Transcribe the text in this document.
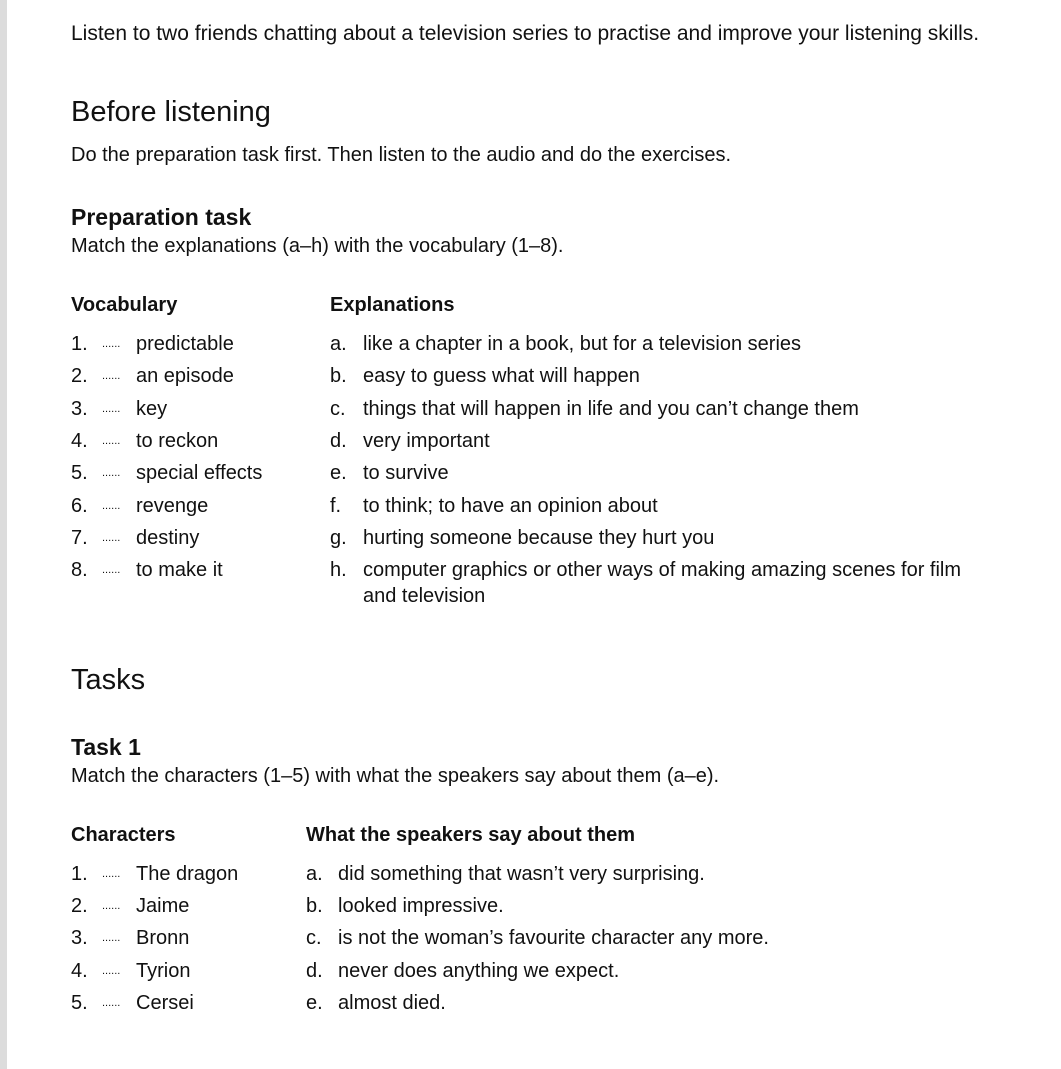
Listen to two friends chatting about a television series to practise and improve your listening skills.
Before listening
Do the preparation task first. Then listen to the audio and do the exercises.
Preparation task
Match the explanations (a–h) with the vocabulary (1–8).
Vocabulary	Explanations
1.	...... predictable	a. like a chapter in a book, but for a television series
2.	...... an episode	b. easy to guess what will happen
3.	...... key	c. things that will happen in life and you can’t change them
4.	...... to reckon	d. very important
5.	...... special effects	e. to survive
6.	...... revenge	f. to think; to have an opinion about
7.	...... destiny	g. hurting someone because they hurt you
8.	...... to make it	h. computer graphics or other ways of making amazing scenes for film and television
Tasks
Task 1
Match the characters (1–5) with what the speakers say about them (a–e).
Characters	What the speakers say about them
1.	...... The dragon	a. did something that wasn’t very surprising.
2.	...... Jaime	b. looked impressive.
3.	...... Bronn	c. is not the woman’s favourite character any more.
4.	...... Tyrion	d. never does anything we expect.
5.	...... Cersei	e. almost died.
